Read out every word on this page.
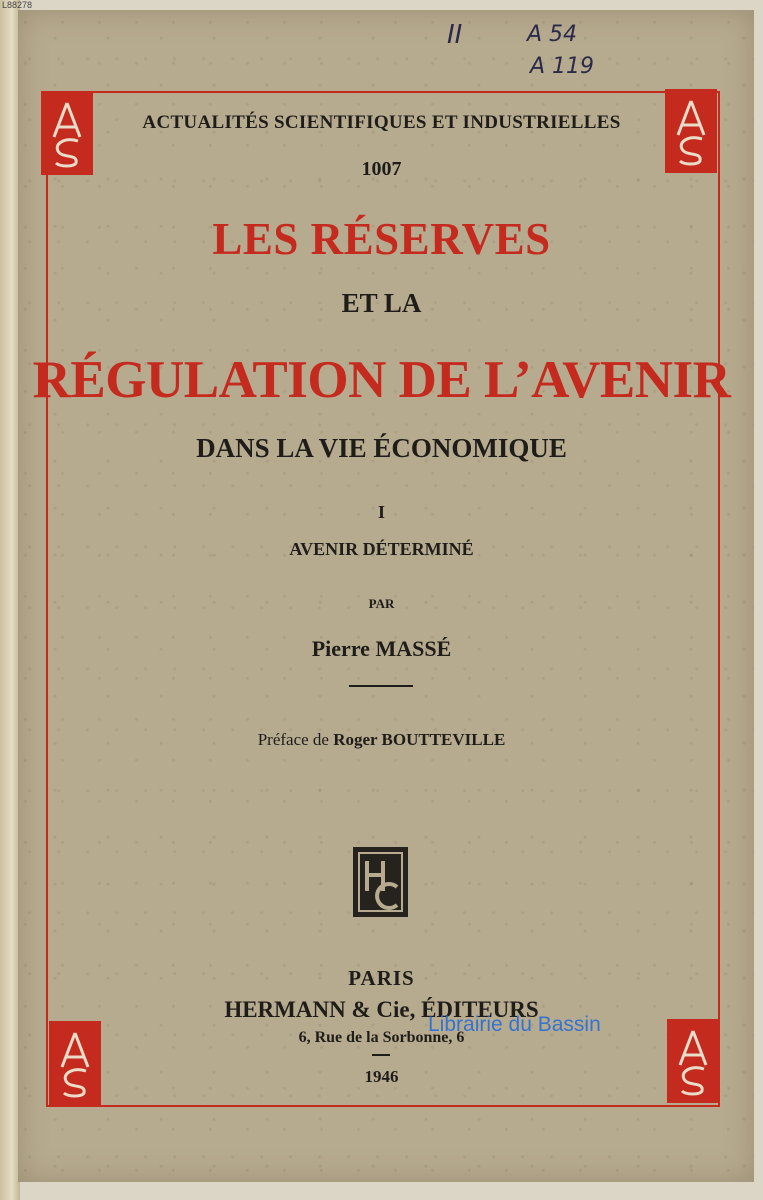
L88278
II	A 54
A 119
ACTUALITÉS SCIENTIFIQUES ET INDUSTRIELLES
1007
LES RÉSERVES
ET LA
RÉGULATION DE L’AVENIR
DANS LA VIE ÉCONOMIQUE
I
AVENIR DÉTERMINÉ
PAR
Pierre MASSÉ
Préface de Roger BOUTTEVILLE
PARIS
HERMANN & Cie, ÉDITEURS
6, Rue de la Sorbonne, 6
1946
Librairie du Bassin
